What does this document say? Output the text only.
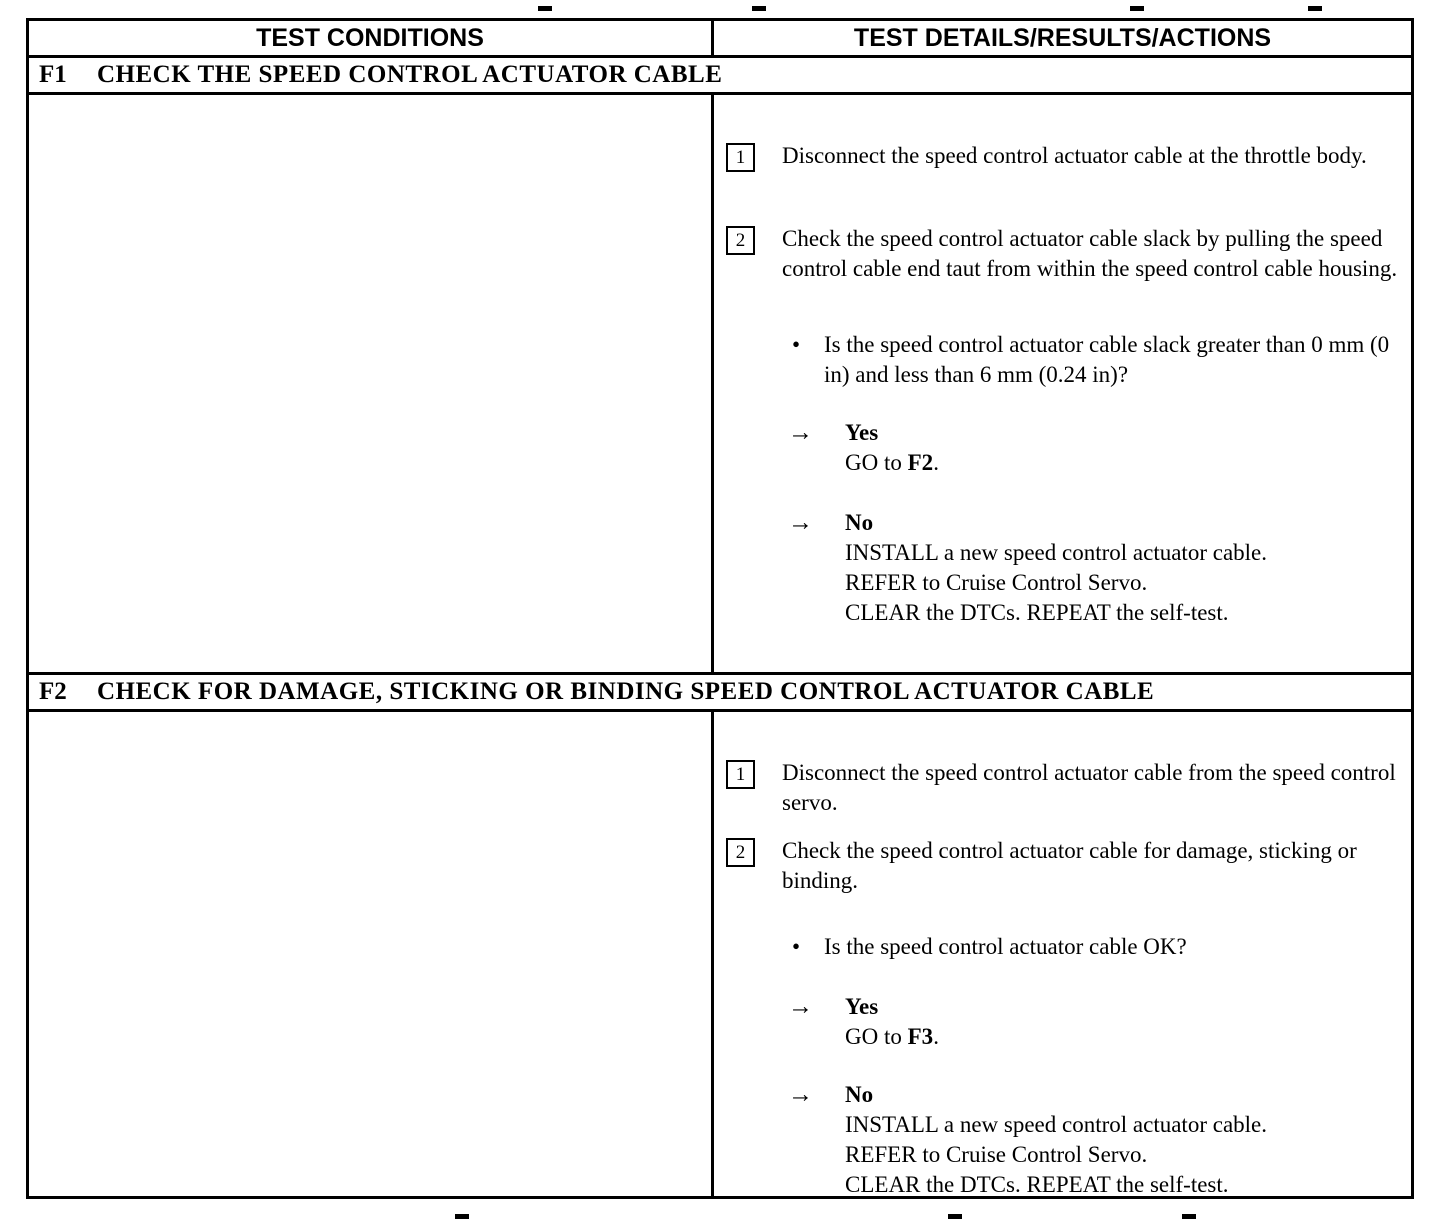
TEST CONDITIONS	TEST DETAILS/RESULTS/ACTIONS
F1	CHECK THE SPEED CONTROL ACTUATOR CABLE
1	Disconnect the speed control actuator cable at the throttle body.
2	Check the speed control actuator cable slack by pulling the speed control cable end taut from within the speed control cable housing.
•	Is the speed control actuator cable slack greater than 0 mm (0 in) and less than 6 mm (0.24 in)?
→	Yes
GO to F2.
→	No
INSTALL a new speed control actuator cable.
REFER to Cruise Control Servo.
CLEAR the DTCs. REPEAT the self-test.
F2	CHECK FOR DAMAGE, STICKING OR BINDING SPEED CONTROL ACTUATOR CABLE
1	Disconnect the speed control actuator cable from the speed control servo.
2	Check the speed control actuator cable for damage, sticking or binding.
•	Is the speed control actuator cable OK?
→	Yes
GO to F3.
→	No
INSTALL a new speed control actuator cable.
REFER to Cruise Control Servo.
CLEAR the DTCs. REPEAT the self-test.
